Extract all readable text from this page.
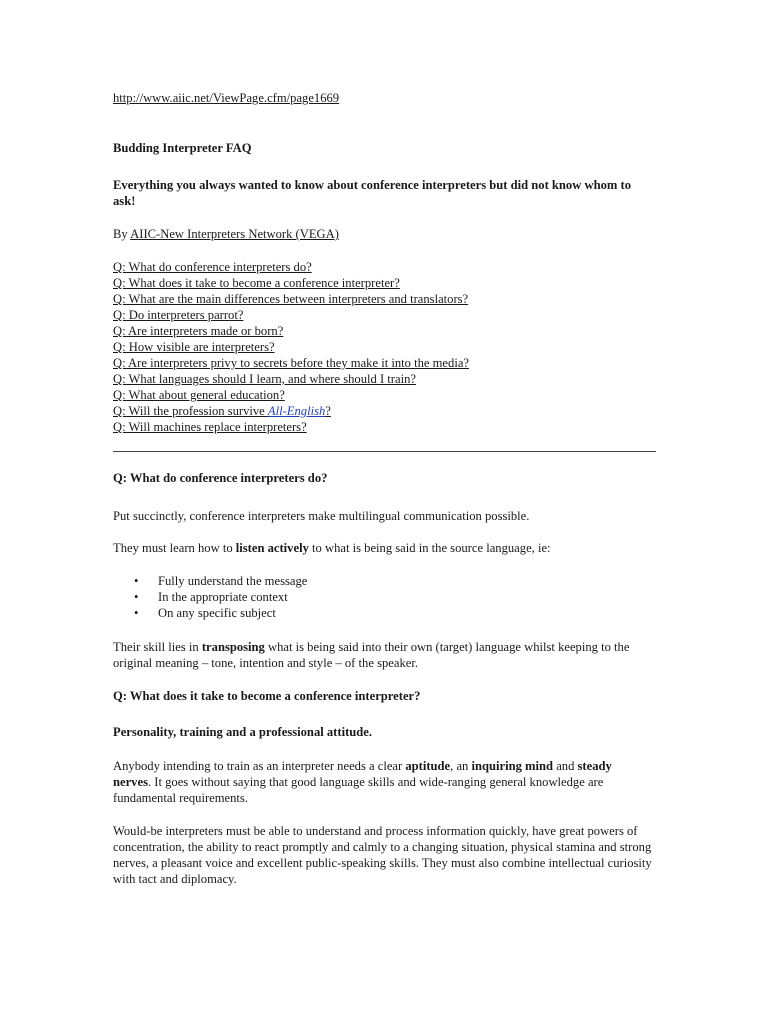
http://www.aiic.net/ViewPage.cfm/page1669
Budding Interpreter FAQ
Everything you always wanted to know about conference interpreters but did not know whom to ask!
By AIIC-New Interpreters Network (VEGA)
Q: What do conference interpreters do?
Q: What does it take to become a conference interpreter?
Q: What are the main differences between interpreters and translators?
Q: Do interpreters parrot?
Q: Are interpreters made or born?
Q: How visible are interpreters?
Q: Are interpreters privy to secrets before they make it into the media?
Q: What languages should I learn, and where should I train?
Q: What about general education?
Q: Will the profession survive All-English?
Q: Will machines replace interpreters?
Q: What do conference interpreters do?
Put succinctly, conference interpreters make multilingual communication possible.
They must learn how to listen actively to what is being said in the source language, ie:
• Fully understand the message
• In the appropriate context
• On any specific subject
Their skill lies in transposing what is being said into their own (target) language whilst keeping to the original meaning – tone, intention and style – of the speaker.
Q: What does it take to become a conference interpreter?
Personality, training and a professional attitude.
Anybody intending to train as an interpreter needs a clear aptitude, an inquiring mind and steady nerves. It goes without saying that good language skills and wide-ranging general knowledge are fundamental requirements.
Would-be interpreters must be able to understand and process information quickly, have great powers of concentration, the ability to react promptly and calmly to a changing situation, physical stamina and strong nerves, a pleasant voice and excellent public-speaking skills. They must also combine intellectual curiosity with tact and diplomacy.
